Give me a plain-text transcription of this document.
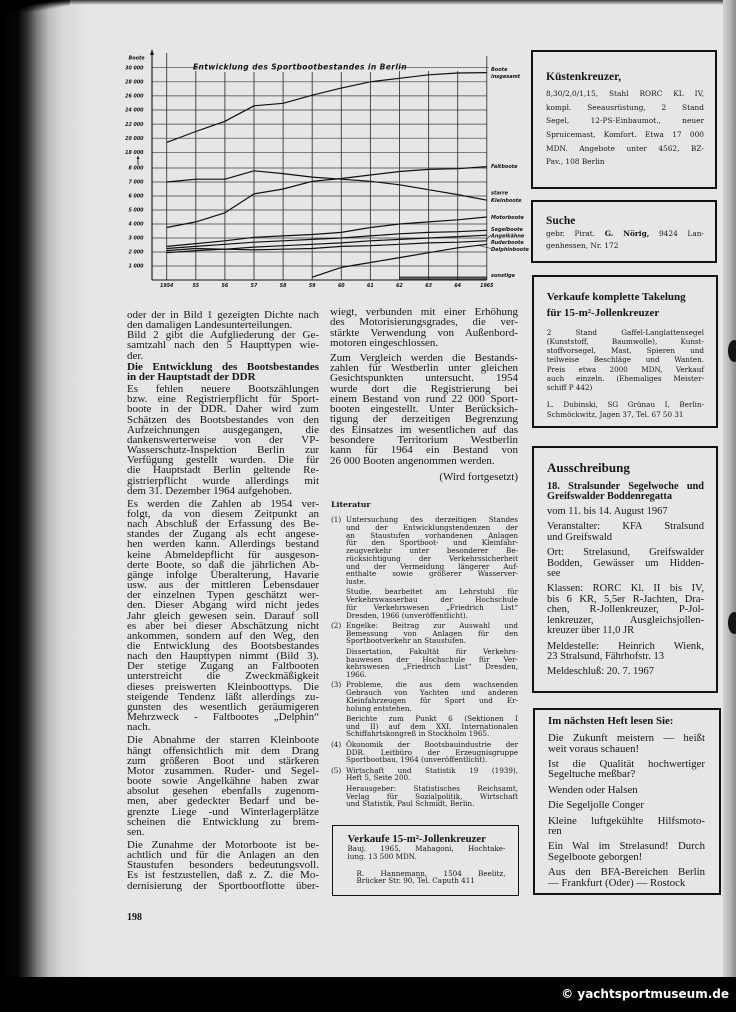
1 000
2 000
3 000
4 000
5 000
6 000
7 000
8 000
18 000
20 000
22 000
24 000
26 000
28 000
30 000
1954	55	56	57	58	59	60	61	62	63	64	1965
Boote
Entwicklung des Sportbootbestandes in Berlin	Boote
insgesamt
Faltboote
starre
Kleinboote
Motorboote
Segelboote
Angelkähne
Ruderboote
Delphinboote
sonstige
oder der in Bild 1 gezeigten Dichte nach
den damaligen Landesunterteilungen.
Bild 2 gibt die Aufgliederung der Ge-
samtzahl nach den 5 Haupttypen wie-
der.
Die Entwicklung des Bootsbestandes
in der Hauptstadt der DDR
Es fehlen neuere Bootszählungen
bzw. eine Registrierpflicht für Sport-
boote in der DDR. Daher wird zum
Schätzen des Bootsbestandes von den
Aufzeichnungen ausgegangen, die
dankenswerterweise von der VP-
Wasserschutz-Inspektion Berlin zur
Verfügung gestellt wurden. Die für
die Hauptstadt Berlin geltende Re-
gistrierpflicht wurde allerdings mit
dem 31. Dezember 1964 aufgehoben.
Es werden die Zahlen ab 1954 ver-
folgt, da von diesem Zeitpunkt an
nach Abschluß der Erfassung des Be-
standes der Zugang als echt angese-
hen werden kann. Allerdings bestand
keine Abmeldepflicht für ausgeson-
derte Boote, so daß die jährlichen Ab-
gänge infolge Überalterung, Havarie
usw. aus der mittleren Lebensdauer
der einzelnen Typen geschätzt wer-
den. Dieser Abgang wird nicht jedes
Jahr gleich gewesen sein. Darauf soll
es aber bei dieser Abschätzung nicht
ankommen, sondern auf den Weg, den
die Entwicklung des Bootsbestandes
nach den Haupttypen nimmt (Bild 3).
Der stetige Zugang an Faltbooten
unterstreicht die Zweckmäßigkeit
dieses preiswerten Kleinboottyps. Die
steigende Tendenz läßt allerdings zu-
gunsten des wesentlich geräumigeren
Mehrzweck - Faltbootes „Delphin“
nach.
Die Abnahme der starren Kleinboote
hängt offensichtlich mit dem Drang
zum größeren Boot und stärkeren
Motor zusammen. Ruder- und Segel-
boote sowie Angelkähne haben zwar
absolut gesehen ebenfalls zugenom-
men, aber gedeckter Bedarf und be-
grenzte Liege -und Winterlagerplätze
scheinen die Entwicklung zu brem-
sen.
Die Zunahme der Motorboote ist be-
achtlich und für die Anlagen an den
Staustufen besonders bedeutungsvoll.
Es ist festzustellen, daß z. Z. die Mo-
dernisierung der Sportbootflotte über-
wiegt, verbunden mit einer Erhöhung
des Motorisierungsgrades, die ver-
stärkte Verwendung von Außenbord-
motoren eingeschlossen.
Zum Vergleich werden die Bestands-
zahlen für Westberlin unter gleichen
Gesichtspunkten untersucht. 1954
wurde dort die Registrierung bei
einem Bestand von rund 22 000 Sport-
booten eingestellt. Unter Berücksich-
tigung der derzeitigen Begrenzung
des Einsatzes im wesentlichen auf das
besondere Territorium Westberlin
kann für 1964 ein Bestand von
26 000 Booten angenommen werden.
(Wird fortgesetzt)
Literatur
(1) Untersuchung des derzeitigen Standes
und der Entwicklungstendenzen der
an Staustufen vorhandenen Anlagen
für den Sportboot- und Kleinfahr-
zeugverkehr unter besonderer Be-
rücksichtigung der Verkehrssicherheit
und der Vermeidung längerer Auf-
enthalte sowie größerer Wasserver-
luste.
Studie, bearbeitet am Lehrstuhl für
Verkehrswasserbau der Hochschule
für Verkehrswesen „Friedrich List“
Dresden, 1966 (unveröffentlicht).
(2) Engelke: Beitrag zur Auswahl und
Bemessung von Anlagen für den
Sportbootverkehr an Staustufen.
Dissertation, Fakultät für Verkehrs-
bauwesen der Hochschule für Ver-
kehrswesen „Friedrich List“ Dresden,
1966.
(3) Probleme, die aus dem wachsenden
Gebrauch von Yachten und anderen
Kleinfahrzeugen für Sport und Er-
holung entstehen.
Berichte zum Punkt 6 (Sektionen I
und II) auf dem XXI. Internationalen
Schiffahrtskongreß in Stockholm 1965.
(4) Ökonomik der Bootsbauindustrie der
DDR. Leitbüro der Erzeugnisgruppe
Sportbootbau, 1964 (unveröffentlicht).
(5) Wirtschaft und Statistik 19 (1939),
Heft 5, Seite 200.
Herausgeber: Statistisches Reichsamt,
Verlag für Sozialpolitik, Wirtschaft
und Statistik, Paul Schmidt, Berlin.
Küstenkreuzer,
8,30/2,0/1,15, Stahl RORC KL IV,
kompl. Seeausrüstung, 2 Stand
Segel, 12-PS-Einbaumot., neuer
Spruicemast, Komfort. Etwa 17 000
MDN. Angebote unter 4562, BZ-
Pav., 108 Berlin
Suche
gebr. Pirat. G. Nörig, 9424 Lan-
genhessen, Nr. 172
Verkaufe komplette Takelung
für 15-m²-Jollenkreuzer
2 Stand Gaffel-Langlattensegel
(Kunststoff, Baumwolle), Kunst-
stoffvorsegel, Mast, Spieren und
teilweise Beschläge und Wanten.
Preis etwa 2000 MDN, Verkauf
auch einzeln. (Ehemaliges Meister-
schiff P 442)
L. Dubinski, SG Grünau I, Berlin-
Schmöckwitz, Jagen 37, Tel. 67 50 31
Ausschreibung
18. Stralsunder Segelwoche und
Greifswalder Boddenregatta
vom 11. bis 14. August 1967
Veranstalter: KFA Stralsund
und Greifswald
Ort: Strelasund, Greifswalder
Bodden, Gewässer um Hidden-
see
Klassen: RORC Kl. II bis IV,
bis 6 KR, 5,5er R-Jachten, Dra-
chen, R-Jollenkreuzer, P-Jol-
lenkreuzer, Ausgleichsjollen-
kreuzer über 11,0 JR
Meldestelle: Heinrich Wienk,
23 Stralsund, Fährhofstr. 13
Meldeschluß: 20. 7. 1967
Im nächsten Heft lesen Sie:
Die Zukunft meistern — heißt
weit voraus schauen!
Ist die Qualität hochwertiger
Segeltuche meßbar?
Wenden oder Halsen
Die Segeljolle Conger
Kleine luftgekühlte Hilfsmoto-
ren
Ein Wal im Strelasund! Durch
Segelboote geborgen!
Aus den BFA-Bereichen Berlin
— Frankfurt (Oder) — Rostock
Verkaufe 15-m²-Jollenkreuzer
Bauj. 1965, Mahagoni, Hochtake-
lung. 13 500 MDN.
R. Hannemann, 1504 Beelitz,
Brücker Str. 90, Tel. Caputh 411
198
© yachtsportmuseum.de
